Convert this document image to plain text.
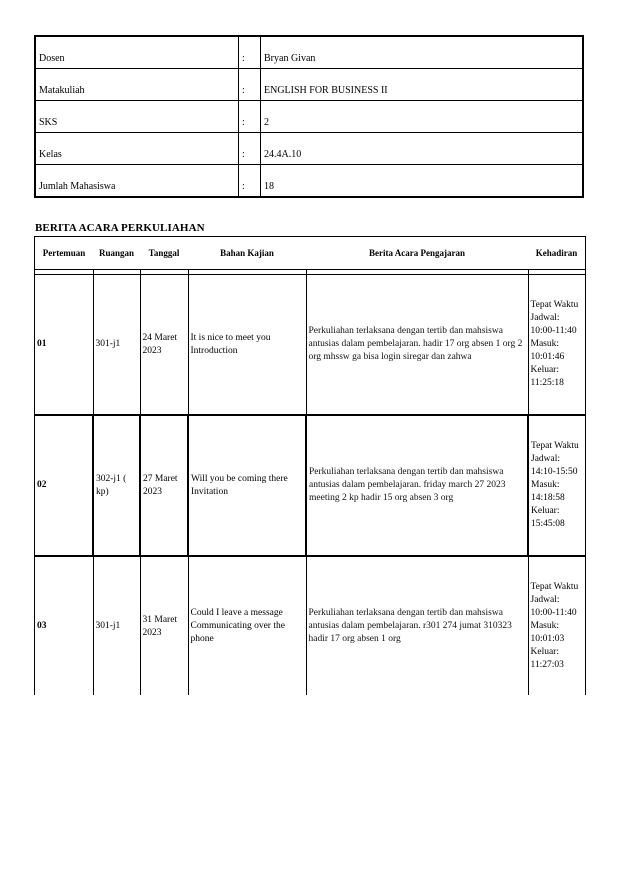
Dosen	:	Bryan Givan
Matakuliah	:	ENGLISH FOR BUSINESS II
SKS	:	2
Kelas	:	24.4A.10
Jumlah Mahasiswa	:	18
BERITA ACARA PERKULIAHAN
Pertemuan	Ruangan	Tanggal	Bahan Kajian	Berita Acara Pengajaran	Kehadiran

01	301-j1	24 Maret 2023	It is nice to meet you Introduction	Perkuliahan terlaksana dengan tertib dan mahsiswa antusias dalam pembelajaran. hadir 17 org absen 1 org 2 org mhssw ga bisa login siregar dan zahwa	Tepat Waktu Jadwal: 10:00-11:40 Masuk: 10:01:46 Keluar: 11:25:18
02	302-j1 ( kp)	27 Maret 2023	Will you be coming there Invitation	Perkuliahan terlaksana dengan tertib dan mahsiswa antusias dalam pembelajaran. friday march 27 2023 meeting 2 kp hadir 15 org absen 3 org	Tepat Waktu Jadwal: 14:10-15:50 Masuk: 14:18:58 Keluar: 15:45:08
03	301-j1	31 Maret 2023	Could I leave a message Communicating over the phone	Perkuliahan terlaksana dengan tertib dan mahsiswa antusias dalam pembelajaran. r301 274 jumat 310323 hadir 17 org absen 1 org	Tepat Waktu Jadwal: 10:00-11:40 Masuk: 10:01:03 Keluar: 11:27:03
